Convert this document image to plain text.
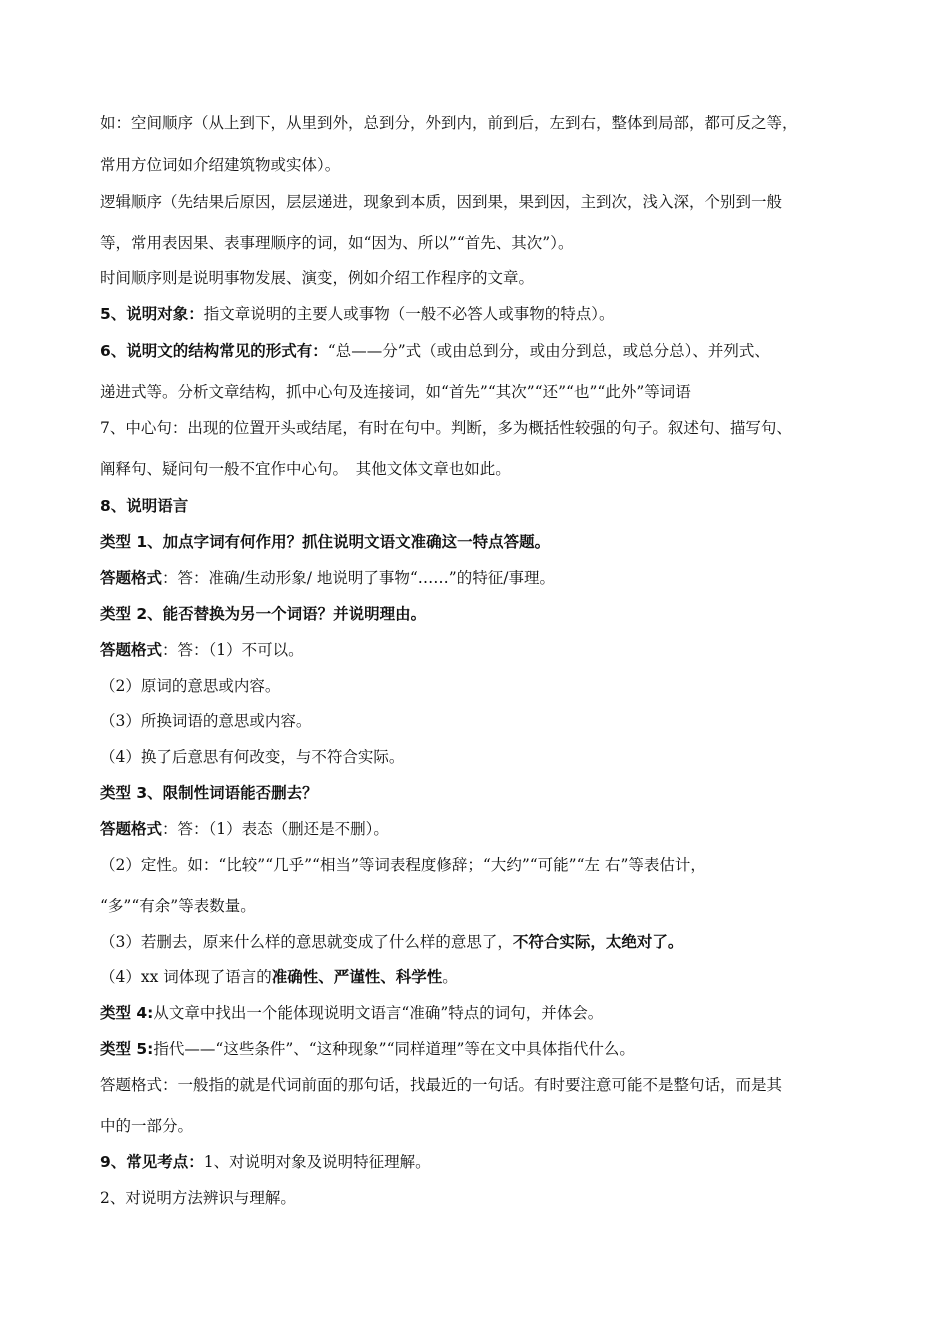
如：空间顺序（从上到下，从里到外，总到分，外到内，前到后，左到右，整体到局部，都可反之等，
常用方位词如介绍建筑物或实体）。
逻辑顺序（先结果后原因，层层递进，现象到本质，因到果，果到因，主到次，浅入深，个别到一般
等，常用表因果、表事理顺序的词，如“因为、所以”“首先、其次”）。
时间顺序则是说明事物发展、演变，例如介绍工作程序的文章。
5、说明对象：指文章说明的主要人或事物（一般不必答人或事物的特点）。
6、说明文的结构常见的形式有：“总——分”式（或由总到分，或由分到总，或总分总）、并列式、
递进式等。分析文章结构，抓中心句及连接词，如“首先”“其次”“还”“也”“此外”等词语
7、中心句：出现的位置开头或结尾，有时在句中。判断，多为概括性较强的句子。叙述句、描写句、
阐释句、疑问句一般不宜作中心句。　其他文体文章也如此。
8、说明语言
类型 1、加点字词有何作用？抓住说明文语文准确这一特点答题。
答题格式：答：准确/生动形象/ 地说明了事物“……”的特征/事理。
类型 2、能否替换为另一个词语？并说明理由。
答题格式：答：（1）不可以。
（2）原词的意思或内容。
（3）所换词语的意思或内容。
（4）换了后意思有何改变，与不符合实际。
类型 3、限制性词语能否删去？
答题格式：答：（1）表态（删还是不删）。
（2）定性。如：“比较”“几乎”“相当”等词表程度修辞；“大约”“可能”“左 右”等表估计，
“多”“有余”等表数量。
（3）若删去，原来什么样的意思就变成了什么样的意思了，不符合实际，太绝对了。
（4）xx 词体现了语言的准确性、严谨性、科学性。
类型 4:从文章中找出一个能体现说明文语言“准确”特点的词句，并体会。
类型 5:指代——“这些条件”、“这种现象”“同样道理”等在文中具体指代什么。
答题格式：一般指的就是代词前面的那句话，找最近的一句话。有时要注意可能不是整句话，而是其
中的一部分。
9、常见考点：1、对说明对象及说明特征理解。
2、对说明方法辨识与理解。
